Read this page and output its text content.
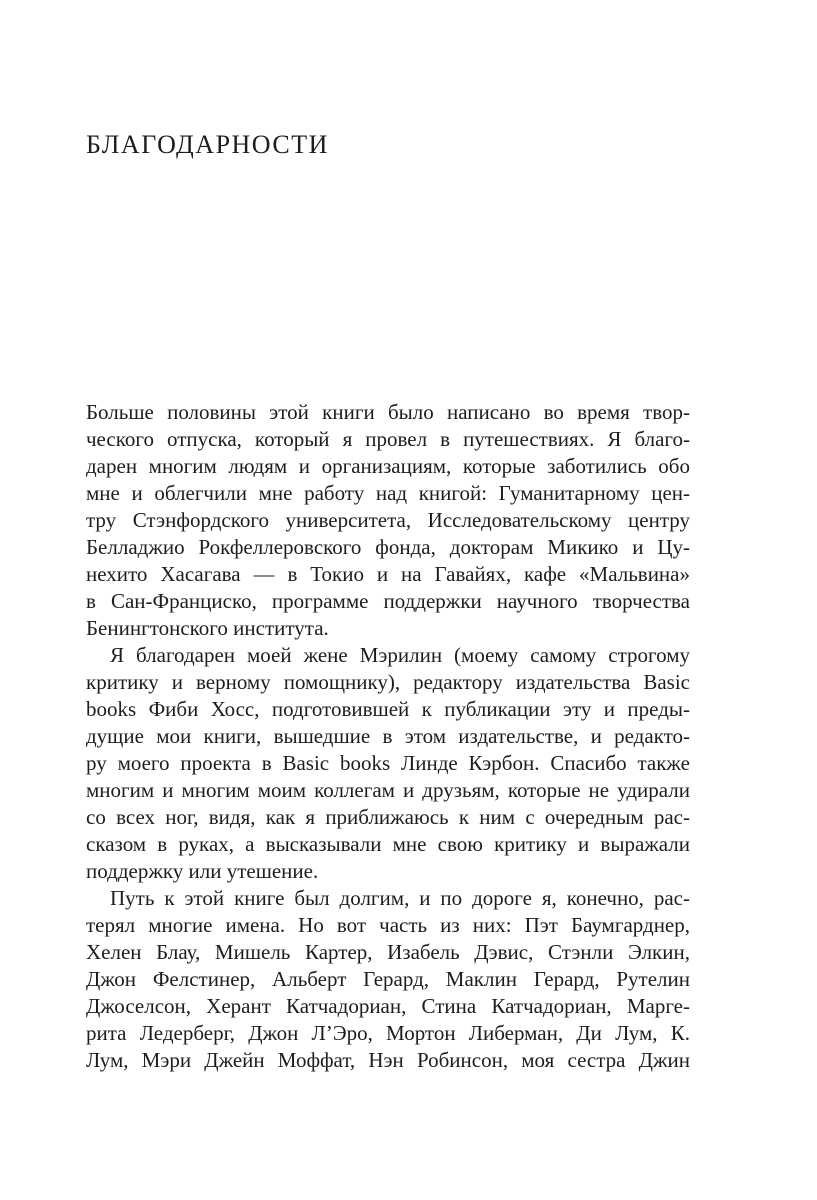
БЛАГОДАРНОСТИ
Больше половины этой книги было написано во время твор-
ческого отпуска, который я провел в путешествиях. Я благо-
дарен многим людям и организациям, которые заботились обо
мне и облегчили мне работу над книгой: Гуманитарному цен-
тру Стэнфордского университета, Исследовательскому центру
Белладжио Рокфеллеровского фонда, докторам Микико и Цу-
нехито Хасагава — в Токио и на Гавайях, кафе «Мальвина»
в Сан-Франциско, программе поддержки научного творчества
Бенингтонского института.
Я благодарен моей жене Мэрилин (моему самому строгому
критику и верному помощнику), редактору издательства Basic
books Фиби Хосс, подготовившей к публикации эту и преды-
дущие мои книги, вышедшие в этом издательстве, и редакто-
ру моего проекта в Basic books Линде Кэрбон. Спасибо также
многим и многим моим коллегам и друзьям, которые не удирали
со всех ног, видя, как я приближаюсь к ним с очередным рас-
сказом в руках, а высказывали мне свою критику и выражали
поддержку или утешение.
Путь к этой книге был долгим, и по дороге я, конечно, рас-
терял многие имена. Но вот часть из них: Пэт Баумгарднер,
Хелен Блау, Мишель Картер, Изабель Дэвис, Стэнли Элкин,
Джон Фелстинер, Альберт Герард, Маклин Герард, Рутелин
Джоселсон, Херант Катчадориан, Стина Катчадориан, Марге-
рита Ледерберг, Джон Л’Эро, Мортон Либерман, Ди Лум, К.
Лум, Мэри Джейн Моффат, Нэн Робинсон, моя сестра Джин
